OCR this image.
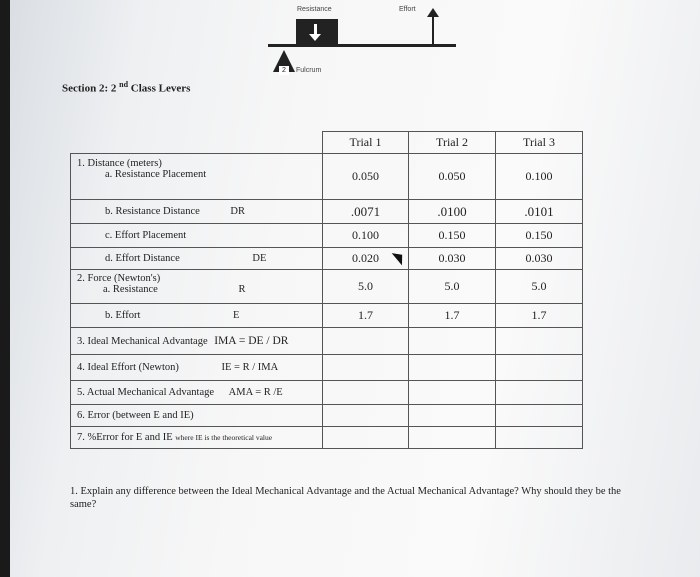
Resistance	Effort
2	Fulcrum
Section 2: 2 $^{nd}$ Class Levers
	Trial 1	Trial 2	Trial 3

1. Distance (meters)
a. Resistance Placement	0.050	0.050	0.100
b. Resistance Distance DR	.0071	.0100	.0101
c. Effort Placement	0.100	0.150	0.150
d. Effort Distance DE	0.020	0.030	0.030

2. Force (Newton's)
a. Resistance R	5.0	5.0	5.0
b. Effort E	1.7	1.7	1.7
3. Ideal Mechanical Advantage IMA = DE / DR			
4. Ideal Effort (Newton) IE = R / IMA			
5. Actual Mechanical Advantage AMA = R /E			
6. Error (between E and IE)			
7. %Error for E and IE where IE is the theoretical value			
1. Explain any difference between the Ideal Mechanical Advantage and the Actual Mechanical Advantage? Why should they be the same?
